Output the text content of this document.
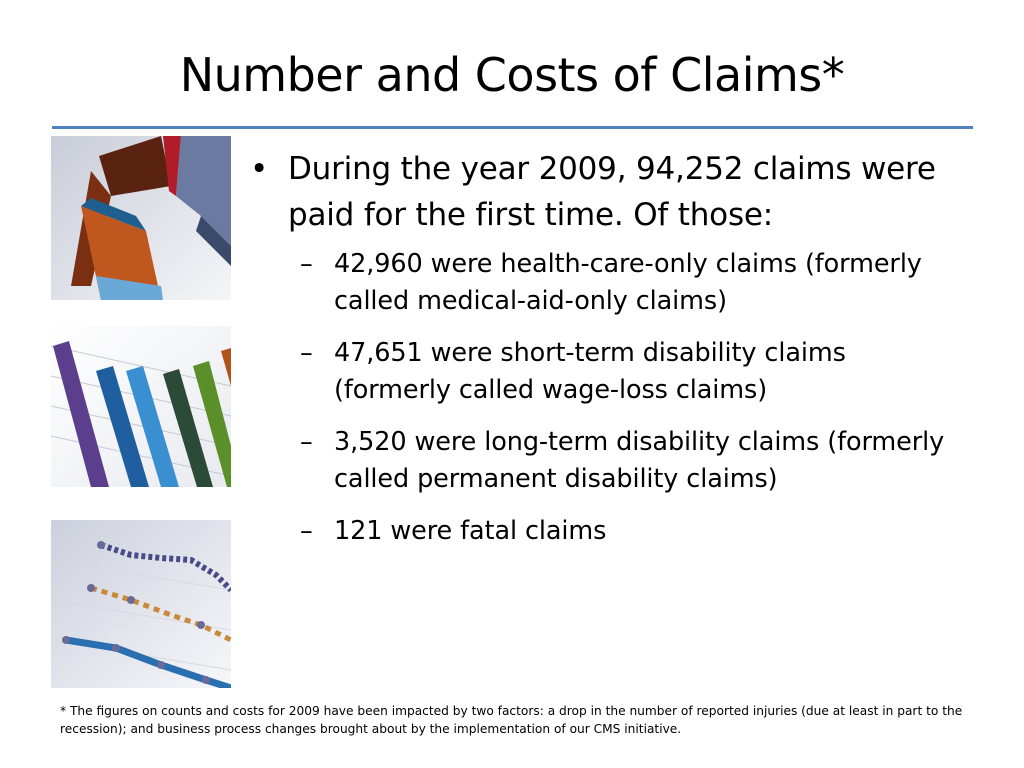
Number and Costs of Claims*
• During the year 2009, 94,252 claims were paid for the first time. Of those:
– 42,960 were health-care-only claims (formerly called medical-aid-only claims)
– 47,651 were short-term disability claims (formerly called wage-loss claims)
– 3,520 were long-term disability claims (formerly called permanent disability claims)
– 121 were fatal claims
* The figures on counts and costs for 2009 have been impacted by two factors: a drop in the number of reported injuries (due at least in part to the recession); and business process changes brought about by the implementation of our CMS initiative.
